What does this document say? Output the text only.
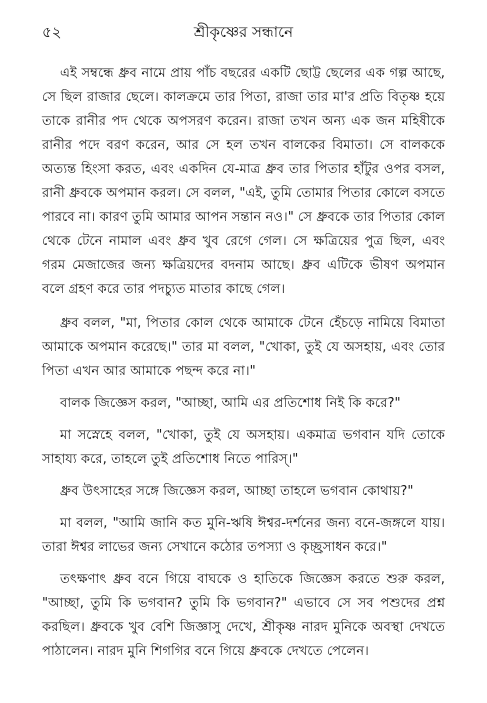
৫২	শ্রীকৃষ্ণের সন্ধানে

এই সম্বন্ধে ধ্রুব নামে প্রায় পাঁচ বছরের একটি ছোট্ট ছেলের এক গল্প আছে, সে ছিল রাজার ছেলে। কালক্রমে তার পিতা, রাজা তার মা'র প্রতি বিতৃষ্ণ হয়ে তাকে রানীর পদ থেকে অপসরণ করেন। রাজা তখন অন্য এক জন মহিষীকে রানীর পদে বরণ করেন, আর সে হল তখন বালকের বিমাতা। সে বালককে অত্যন্ত হিংসা করত, এবং একদিন যে-মাত্র ধ্রুব তার পিতার হাঁটুর ওপর বসল, রানী ধ্রুবকে অপমান করল। সে বলল, "এই, তুমি তোমার পিতার কোলে বসতে পারবে না। কারণ তুমি আমার আপন সন্তান নও।" সে ধ্রুবকে তার পিতার কোল থেকে টেনে নামাল এবং ধ্রুব খুব রেগে গেল। সে ক্ষত্রিয়ের পুত্র ছিল, এবং গরম মেজাজের জন্য ক্ষত্রিয়দের বদনাম আছে। ধ্রুব এটিকে ভীষণ অপমান বলে গ্রহণ করে তার পদচ্যুত মাতার কাছে গেল।

ধ্রুব বলল, "মা, পিতার কোল থেকে আমাকে টেনে হেঁচড়ে নামিয়ে বিমাতা আমাকে অপমান করেছে।" তার মা বলল, "খোকা, তুই যে অসহায়, এবং তোর পিতা এখন আর আমাকে পছন্দ করে না।"

বালক জিজ্ঞেস করল, "আচ্ছা, আমি এর প্রতিশোধ নিই কি করে?"

মা সস্নেহে বলল, "খোকা, তুই যে অসহায়। একমাত্র ভগবান যদি তোকে সাহায্য করে, তাহলে তুই প্রতিশোধ নিতে পারিস্।"

ধ্রুব উৎসাহের সঙ্গে জিজ্ঞেস করল, আচ্ছা তাহলে ভগবান কোথায়?"

মা বলল, "আমি জানি কত মুনি-ঋষি ঈশ্বর-দর্শনের জন্য বনে-জঙ্গলে যায়। তারা ঈশ্বর লাভের জন্য সেখানে কঠোর তপস্যা ও কৃচ্ছ্রসাধন করে।"

তৎক্ষণাৎ ধ্রুব বনে গিয়ে বাঘকে ও হাতিকে জিজ্ঞেস করতে শুরু করল, "আচ্ছা, তুমি কি ভগবান? তুমি কি ভগবান?" এভাবে সে সব পশুদের প্রশ্ন করছিল। ধ্রুবকে খুব বেশি জিজ্ঞাসু দেখে, শ্রীকৃষ্ণ নারদ মুনিকে অবস্থা দেখতে পাঠালেন। নারদ মুনি শিগগির বনে গিয়ে ধ্রুবকে দেখতে পেলেন।
